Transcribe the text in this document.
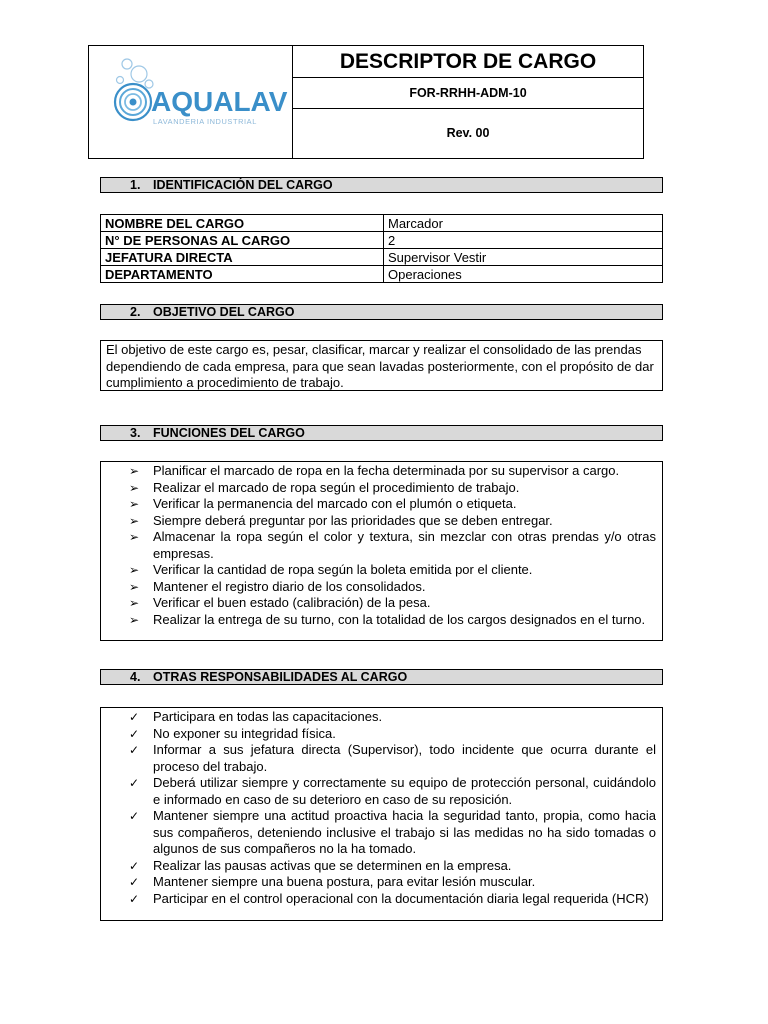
AQUALAV
LAVANDERIA INDUSTRIAL
DESCRIPTOR DE CARGO
FOR-RRHH-ADM-10
Rev. 00
1. IDENTIFICACIÓN DEL CARGO
NOMBRE DEL CARGO	Marcador
N° DE PERSONAS AL CARGO	2
JEFATURA DIRECTA	Supervisor Vestir
DEPARTAMENTO	Operaciones
2. OBJETIVO DEL CARGO
El objetivo de este cargo es, pesar, clasificar, marcar y realizar el consolidado de las prendas dependiendo de cada empresa, para que sean lavadas posteriormente, con el propósito de dar cumplimiento a procedimiento de trabajo.
3. FUNCIONES DEL CARGO
➢ Planificar el marcado de ropa en la fecha determinada por su supervisor a cargo.
➢ Realizar el marcado de ropa según el procedimiento de trabajo.
➢ Verificar la permanencia del marcado con el plumón o etiqueta.
➢ Siempre deberá preguntar por las prioridades que se deben entregar.
➢ Almacenar la ropa según el color y textura, sin mezclar con otras prendas y/o otras empresas.
➢ Verificar la cantidad de ropa según la boleta emitida por el cliente.
➢ Mantener el registro diario de los consolidados.
➢ Verificar el buen estado (calibración) de la pesa.
➢ Realizar la entrega de su turno, con la totalidad de los cargos designados en el turno.
4. OTRAS RESPONSABILIDADES AL CARGO
✓ Participara en todas las capacitaciones.
✓ No exponer su integridad física.
✓ Informar a sus jefatura directa (Supervisor), todo incidente que ocurra durante el proceso del trabajo.
✓ Deberá utilizar siempre y correctamente su equipo de protección personal, cuidándolo e informado en caso de su deterioro en caso de su reposición.
✓ Mantener siempre una actitud proactiva hacia la seguridad tanto, propia, como hacia sus compañeros, deteniendo inclusive el trabajo si las medidas no ha sido tomadas o algunos de sus compañeros no la ha tomado.
✓ Realizar las pausas activas que se determinen en la empresa.
✓ Mantener siempre una buena postura, para evitar lesión muscular.
✓ Participar en el control operacional con la documentación diaria legal requerida (HCR)
